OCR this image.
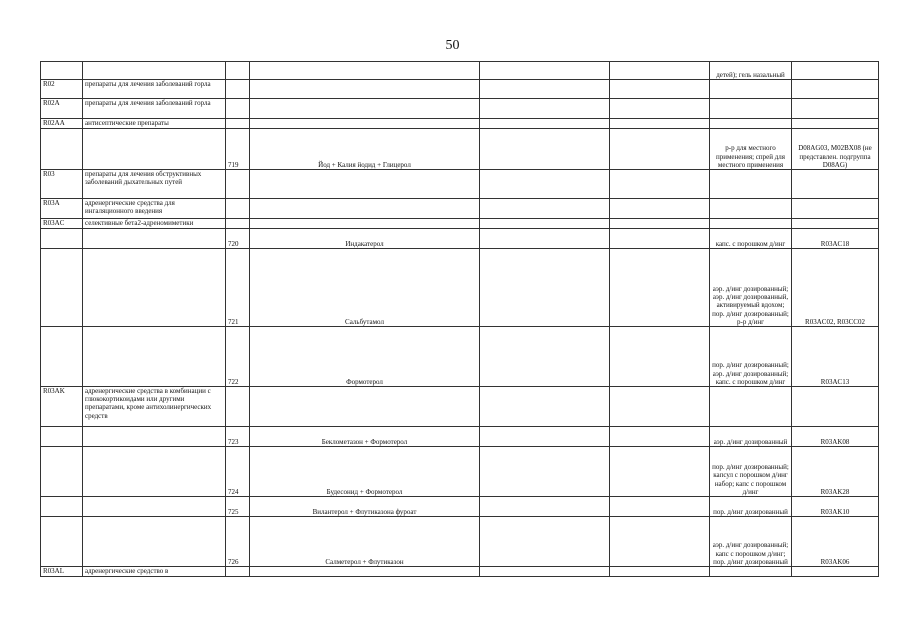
50
						детей); гель назальный	
R02	препараты для лечения заболеваний горла						
R02A	препараты для лечения заболеваний горла						
R02AA	антисептические препараты						
		719	Йод + Калия йодид + Глицерол			р-р для местного применения; спрей для местного применения	D08AG03, M02BX08 (не представлен. подгруппа D08AG)
R03	препараты для лечения обструктивных заболеваний дыхательных путей						
R03A	адренергические средства для ингаляционного введения						
R03AC	селективные бета2-адреномиметики						
		720	Индакатерол			капс. с порошком д/инг	R03AC18
		721	Сальбутамол			аэр. д/инг дозированный; аэр. д/инг дозированный, активируемый вдохом; пор. д/инг дозированный; р-р д/инг	R03AC02, R03CC02
		722	Формотерол			пор. д/инг дозированный; аэр. д/инг дозированный; капс. с порошком д/инг	R03AC13
R03AK	адренергические средства в комбинации с глюкокортикоидами или другими препаратами, кроме антихолинергических средств						
		723	Беклометазон + Формотерол			аэр. д/инг дозированный	R03AK08
		724	Будесонид + Формотерол			пор. д/инг дозированный; капсул с порошком д/инг набор; капс с порошком д/инг	R03AK28
		725	Вилантерол + Флутиказона фуроат			пор. д/инг дозированный	R03AK10
		726	Салметерол + Флутиказон			аэр. д/инг дозированный; капс с порошком д/инг; пор. д/инг дозированный	R03AK06
R03AL	адренергические средство в						
